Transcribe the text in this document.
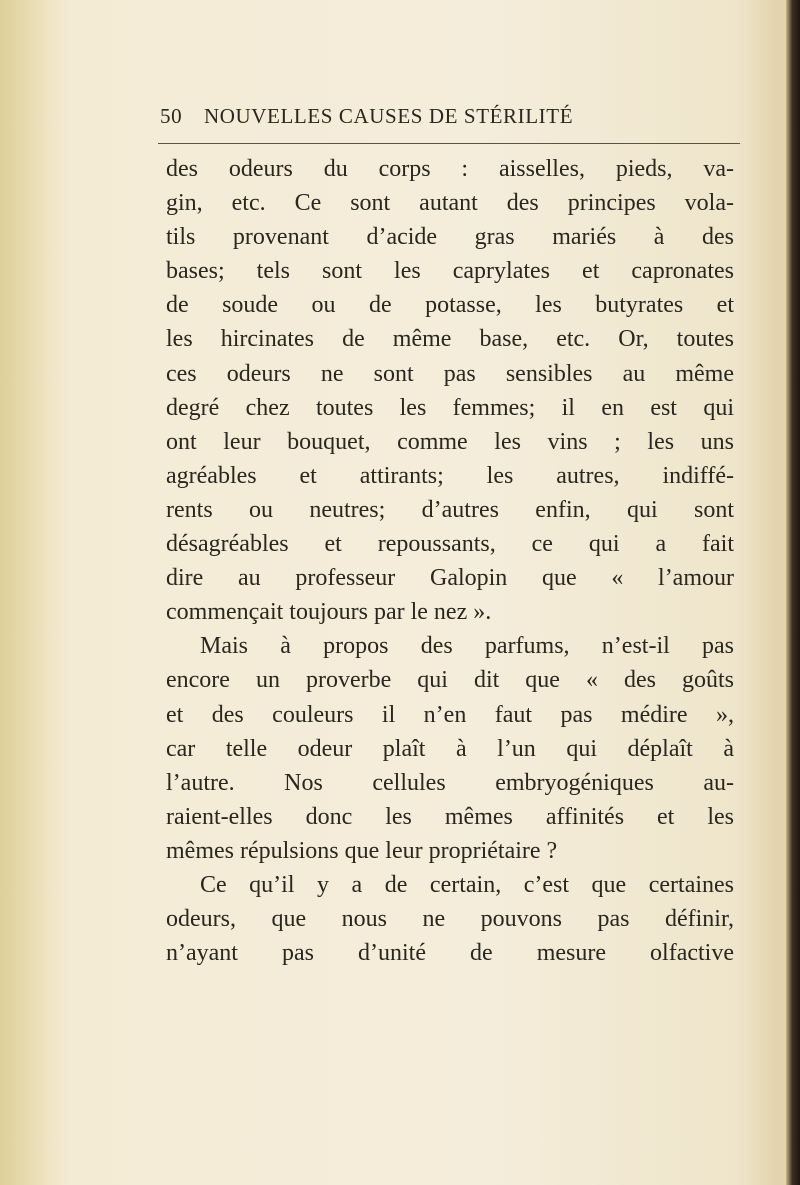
50 NOUVELLES CAUSES DE STÉRILITÉ
des odeurs du corps : aisselles, pieds, va-
gin, etc. Ce sont autant des principes vola-
tils provenant d’acide gras mariés à des
bases; tels sont les caprylates et capronates
de soude ou de potasse, les butyrates et
les hircinates de même base, etc. Or, toutes
ces odeurs ne sont pas sensibles au même
degré chez toutes les femmes; il en est qui
ont leur bouquet, comme les vins ; les uns
agréables et attirants; les autres, indiffé-
rents ou neutres; d’autres enfin, qui sont
désagréables et repoussants, ce qui a fait
dire au professeur Galopin que « l’amour
commençait toujours par le nez ».
Mais à propos des parfums, n’est-il pas
encore un proverbe qui dit que « des goûts
et des couleurs il n’en faut pas médire »,
car telle odeur plaît à l’un qui déplaît à
l’autre. Nos cellules embryogéniques au-
raient-elles donc les mêmes affinités et les
mêmes répulsions que leur propriétaire ?
Ce qu’il y a de certain, c’est que certaines
odeurs, que nous ne pouvons pas définir,
n’ayant pas d’unité de mesure olfactive
